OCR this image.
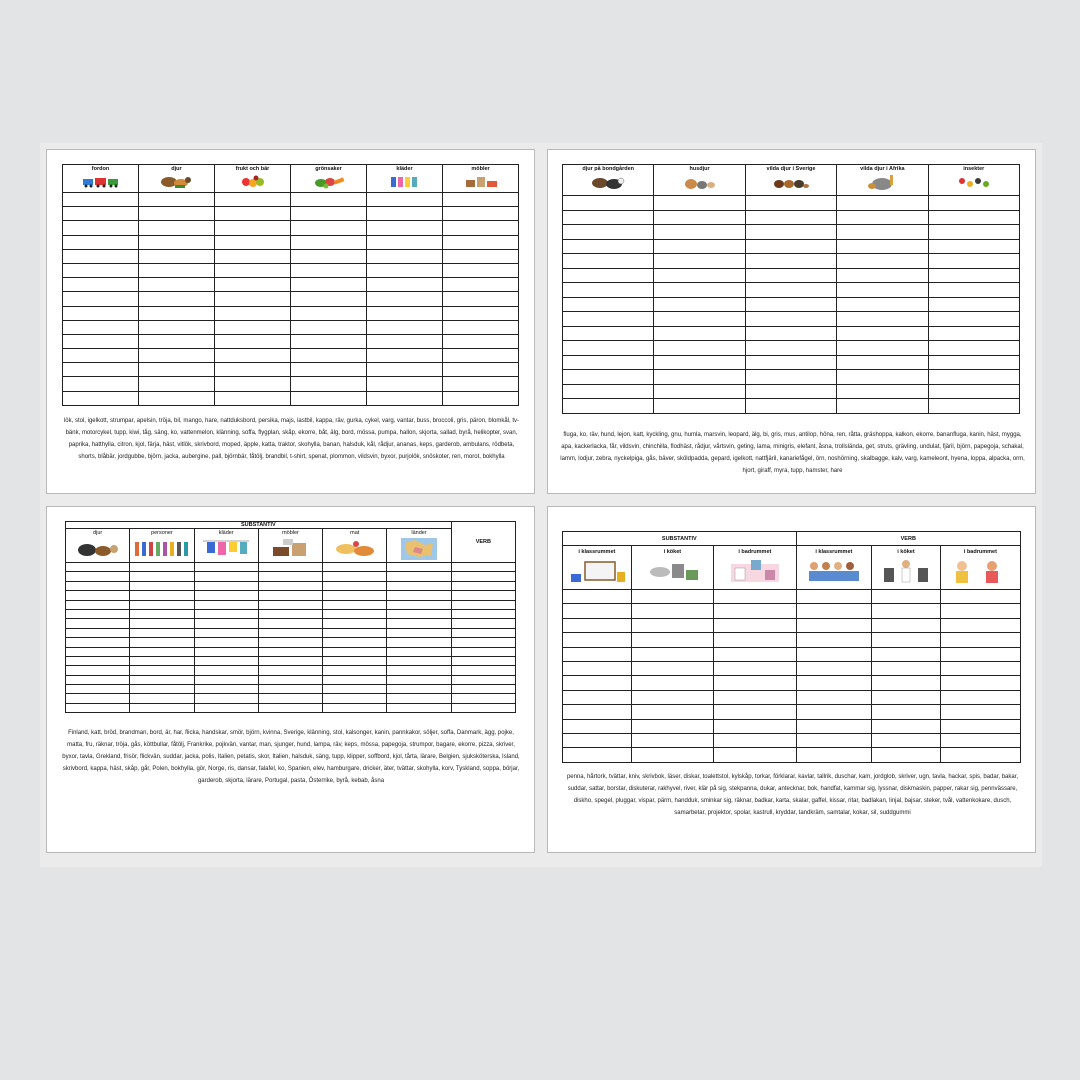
fordon	djur	frukt och bär	grönsaker	kläder	möbler

lök, stol, igelkott, strumpar, apelsin, tröja, bil, mango, hare, nattduksbord, persika, majs, lastbil, kappa, räv, gurka, cykel, varg, vantar, buss, broccoli, gris, päron, blomkål, tv-bänk, motorcykel, tupp, kiwi, tåg, säng, ko, vattenmelon, klänning, soffa, flygplan, skåp, ekorre, båt, älg, bord, mössa, pumpa, hallon, skjorta, sallad, byrå, helikopter, svan, paprika, hatthylla, citron, kjol, färja, häst, vitlök, skrivbord, moped, äpple, katta, traktor, skohylla, banan, halsduk, kål, rådjur, ananas, keps, garderob, ambulans, rödbeta, shorts, blåbär, jordgubbe, björn, jacka, aubergine, pall, björnbär, fåtölj, brandbil, t-shirt, spenat, plommon, vildsvin, byxor, purjolök, snöskoter, ren, morot, bokhylla
djur på bondgården	husdjur	vilda djur i Sverige	vilda djur i Afrika	insekter

fluga, ko, räv, hund, lejon, katt, kyckling, gnu, humla, marsvin, leopard, älg, bi, gris, mus, antilop, höna, ren, råtta, gräshoppa, kalkon, ekorre, bananfluga, kanin, häst, mygga, apa, kackerlacka, får, vildsvin, chinchilla, flodhäst, rådjur, vårtsvin, geting, lama, minigris, elefant, åsna, trollslända, get, struts, grävling, undulat, fjäril, björn, papegoja, schakal, lamm, lodjur, zebra, nyckelpiga, gås, bäver, sköldpadda, gepard, igelkott, nattfjäril, kanariefågel, örn, noshörning, skalbagge, kalv, varg, kameleont, hyena, loppa, alpacka, orm, hjort, giraff, myra, tupp, hamster, hare
SUBSTANTIV						VERB

djur	personer	kläder	möbler	mat	länder	

Finland, katt, bröd, brandman, bord, är, har, flicka, handskar, smör, björn, kvinna, Sverige, klänning, stol, kalsonger, kanin, pannkakor, söljer, soffa, Danmark, ägg, pojke, matta, fru, räknar, tröja, gås, köttbullar, fåtölj, Frankrike, pojkvän, vantar, man, sjunger, hund, lampa, räv, keps, mössa, papegoja, strumpor, bagare, ekorre, pizza, skriver, byxor, tavla, Grekland, frisör, flickvän, suddar, jacka, polis, Italien, petatis, skor, Italien, halsduk, säng, tupp, klipper, soffbord, kjol, tårta, lärare, Belgien, sjuksköterska, Island, skrivbord, kappa, häst, skåp, går, Polen, bokhylla, gör, Norge, ris, dansar, falafel, ko, Spanien, elev, hamburgare, dricker, äter, tvättar, skohylla, korv, Tyskland, soppa, börjar, garderob, skjorta, lärare, Portugal, pasta, Österrike, byrå, kebab, åsna
SUBSTANTIV			VERB		

i klassrummet	i köket	i badrummet	i klassrummet	i köket	i badrummet

penna, hårtork, tvättar, kniv, skrivbok, läser, diskar, toalettstol, kylskåp, torkar, förklarar, kavlar, tallrik, duschar, kam, jordglob, skriver, ugn, tavla, hackar, spis, badar, bakar, suddar, sattar, borstar, diskuterar, rakhyvel, river, klär på sig, stekpanna, dukar, antecknar, bok, handfat, kammar sig, lyssnar, diskmaskin, papper, rakar sig, pennvässare, diskho, spegel, pluggar, vispar, pärm, handduk, sminkar sig, räknar, badkar, kartа, skalar, gaffel, kissar, ritar, badlakan, linjal, bajsar, steker, tvål, vattenkokare, dusch, samarbetar, projektor, spolar, kastrull, kryddar, tandkräm, samtalar, kokar, sil, suddgummi
